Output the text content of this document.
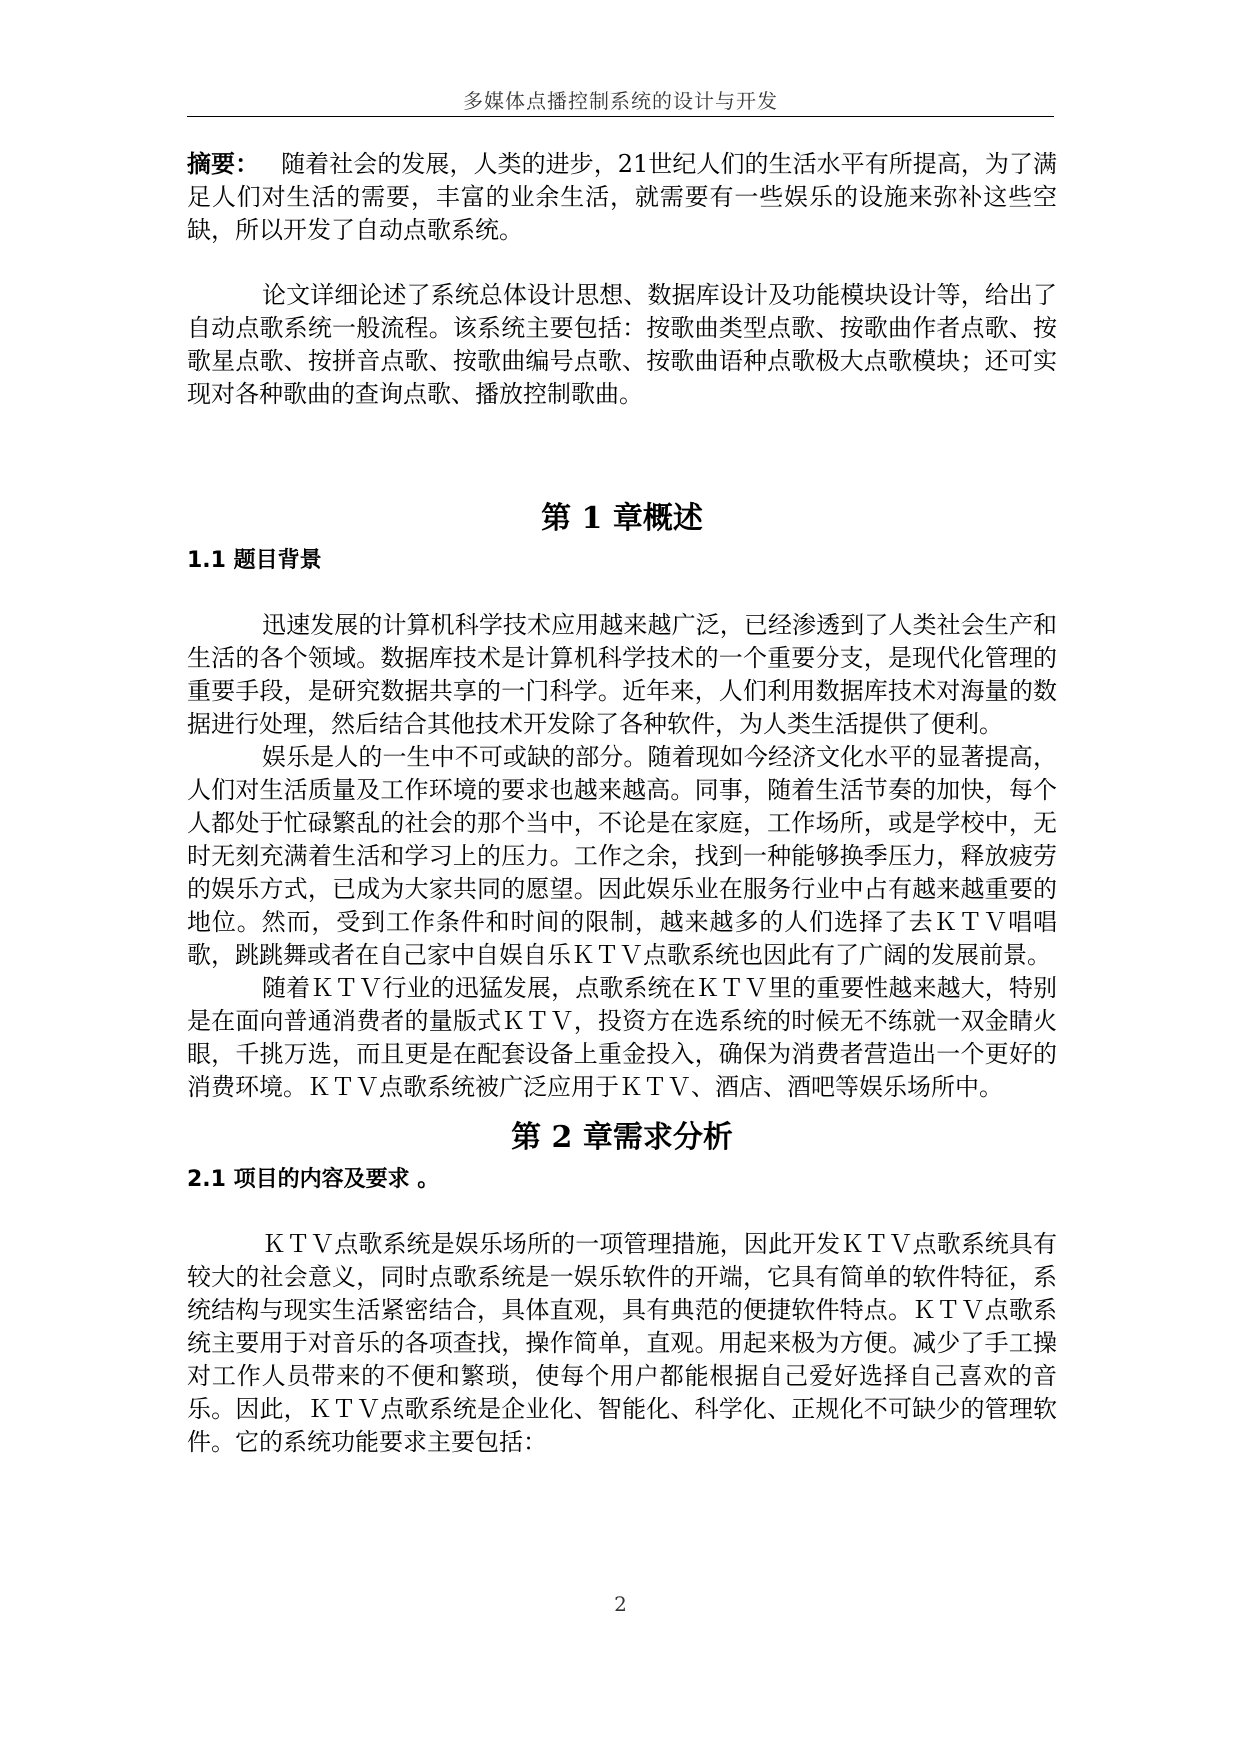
多媒体点播控制系统的设计与开发

摘要： 随着社会的发展，人类的进步，21世纪人们的生活水平有所提高，为了满足人们对生活的需要，丰富的业余生活，就需要有一些娱乐的设施来弥补这些空缺，所以开发了自动点歌系统。

论文详细论述了系统总体设计思想、数据库设计及功能模块设计等，给出了自动点歌系统一般流程。该系统主要包括：按歌曲类型点歌、按歌曲作者点歌、按歌星点歌、按拼音点歌、按歌曲编号点歌、按歌曲语种点歌极大点歌模块；还可实现对各种歌曲的查询点歌、播放控制歌曲。

第 1 章概述
1.1 题目背景

迅速发展的计算机科学技术应用越来越广泛，已经渗透到了人类社会生产和生活的各个领域。数据库技术是计算机科学技术的一个重要分支，是现代化管理的重要手段，是研究数据共享的一门科学。近年来，人们利用数据库技术对海量的数据进行处理，然后结合其他技术开发除了各种软件，为人类生活提供了便利。

娱乐是人的一生中不可或缺的部分。随着现如今经济文化水平的显著提高，人们对生活质量及工作环境的要求也越来越高。同事，随着生活节奏的加快，每个人都处于忙碌繁乱的社会的那个当中，不论是在家庭，工作场所，或是学校中，无时无刻充满着生活和学习上的压力。工作之余，找到一种能够换季压力，释放疲劳的娱乐方式，已成为大家共同的愿望。因此娱乐业在服务行业中占有越来越重要的地位。然而，受到工作条件和时间的限制，越来越多的人们选择了去ＫＴＶ唱唱歌，跳跳舞或者在自己家中自娱自乐ＫＴＶ点歌系统也因此有了广阔的发展前景。

随着ＫＴＶ行业的迅猛发展，点歌系统在ＫＴＶ里的重要性越来越大，特别是在面向普通消费者的量版式ＫＴＶ，投资方在选系统的时候无不练就一双金睛火眼，千挑万选，而且更是在配套设备上重金投入，确保为消费者营造出一个更好的消费环境。ＫＴＶ点歌系统被广泛应用于ＫＴＶ、酒店、酒吧等娱乐场所中。

第 2 章需求分析
2.1 项目的内容及要求 。

ＫＴＶ点歌系统是娱乐场所的一项管理措施，因此开发ＫＴＶ点歌系统具有较大的社会意义，同时点歌系统是一娱乐软件的开端，它具有简单的软件特征，系统结构与现实生活紧密结合，具体直观，具有典范的便捷软件特点。ＫＴＶ点歌系统主要用于对音乐的各项查找，操作简单，直观。用起来极为方便。减少了手工操对工作人员带来的不便和繁琐，使每个用户都能根据自己爱好选择自己喜欢的音乐。因此，ＫＴＶ点歌系统是企业化、智能化、科学化、正规化不可缺少的管理软件。它的系统功能要求主要包括：

2
